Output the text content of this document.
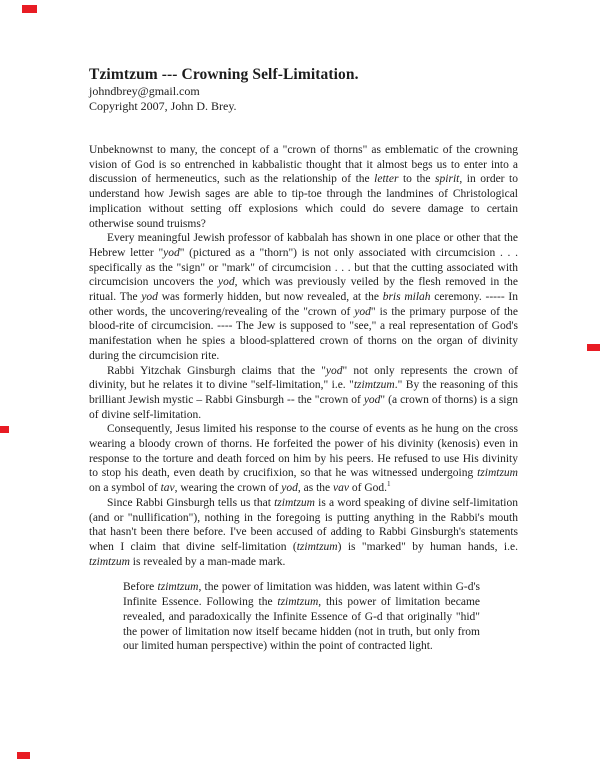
Tzimtzum --- Crowning Self-Limitation.

johndbrey@gmail.com

Copyright 2007, John D. Brey.

Unbeknownst to many, the concept of a "crown of thorns" as emblematic of the crowning vision of God is so entrenched in kabbalistic thought that it almost begs us to enter into a discussion of hermeneutics, such as the relationship of the letter to the spirit, in order to understand how Jewish sages are able to tip-toe through the landmines of Christological implication without setting off explosions which could do severe damage to certain otherwise sound truisms?

Every meaningful Jewish professor of kabbalah has shown in one place or other that the Hebrew letter "yod" (pictured as a "thorn") is not only associated with circumcision . . . specifically as the "sign" or "mark" of circumcision . . . but that the cutting associated with circumcision uncovers the yod, which was previously veiled by the flesh removed in the ritual. The yod was formerly hidden, but now revealed, at the bris milah ceremony. ----- In other words, the uncovering/revealing of the "crown of yod" is the primary purpose of the blood-rite of circumcision. ---- The Jew is supposed to "see," a real representation of God's manifestation when he spies a blood-splattered crown of thorns on the organ of divinity during the circumcision rite.

Rabbi Yitzchak Ginsburgh claims that the "yod" not only represents the crown of divinity, but he relates it to divine "self-limitation," i.e. "tzimtzum." By the reasoning of this brilliant Jewish mystic – Rabbi Ginsburgh -- the "crown of yod" (a crown of thorns) is a sign of divine self-limitation.

Consequently, Jesus limited his response to the course of events as he hung on the cross wearing a bloody crown of thorns. He forfeited the power of his divinity (kenosis) even in response to the torture and death forced on him by his peers. He refused to use His divinity to stop his death, even death by crucifixion, so that he was witnessed undergoing tzimtzum on a symbol of tav, wearing the crown of yod, as the vav of God.$^1$

Since Rabbi Ginsburgh tells us that tzimtzum is a word speaking of divine self-limitation (and or "nullification"), nothing in the foregoing is putting anything in the Rabbi's mouth that hasn't been there before. I've been accused of adding to Rabbi Ginsburgh's statements when I claim that divine self-limitation (tzimtzum) is "marked" by human hands, i.e. tzimtzum is revealed by a man-made mark.

Before tzimtzum, the power of limitation was hidden, was latent within G-d's Infinite Essence. Following the tzimtzum, this power of limitation became revealed, and paradoxically the Infinite Essence of G-d that originally "hid" the power of limitation now itself became hidden (not in truth, but only from our limited human perspective) within the point of contracted light.
